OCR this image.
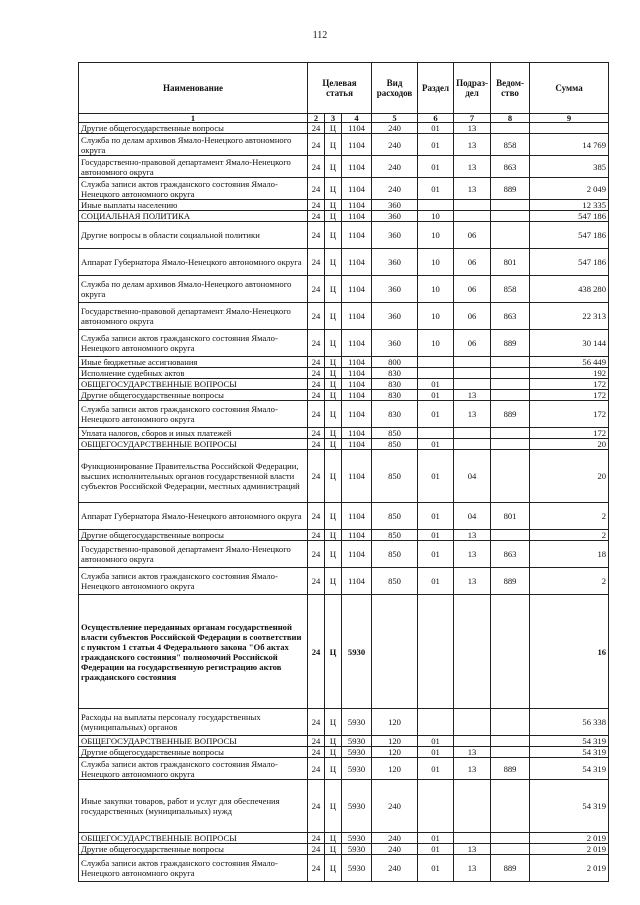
112
Наименование	Целевая статья			Вид расходов	Раздел	Подраз-дел	Ведом-ство	Сумма
1	2	3	4	5	6	7	8	9
Другие общегосударственные вопросы	24	Ц	1104	240	01	13		
Служба по делам архивов Ямало-Ненецкого автономного округа	24	Ц	1104	240	01	13	858	14 769
Государственно-правовой департамент Ямало-Ненецкого автономного округа	24	Ц	1104	240	01	13	863	385
Служба записи актов гражданского состояния Ямало-Ненецкого автономного округа	24	Ц	1104	240	01	13	889	2 049
Иные выплаты населению	24	Ц	1104	360				12 335
СОЦИАЛЬНАЯ ПОЛИТИКА	24	Ц	1104	360	10			547 186
Другие вопросы в области социальной политики	24	Ц	1104	360	10	06		547 186
Аппарат Губернатора Ямало-Ненецкого автономного округа	24	Ц	1104	360	10	06	801	547 186
Служба по делам архивов Ямало-Ненецкого автономного округа	24	Ц	1104	360	10	06	858	438 280
Государственно-правовой департамент Ямало-Ненецкого автономного округа	24	Ц	1104	360	10	06	863	22 313
Служба записи актов гражданского состояния Ямало-Ненецкого автономного округа	24	Ц	1104	360	10	06	889	30 144
Иные бюджетные ассигнования	24	Ц	1104	800				56 449
Исполнение судебных актов	24	Ц	1104	830				192
ОБЩЕГОСУДАРСТВЕННЫЕ ВОПРОСЫ	24	Ц	1104	830	01			172
Другие общегосударственные вопросы	24	Ц	1104	830	01	13		172
Служба записи актов гражданского состояния Ямало-Ненецкого автономного округа	24	Ц	1104	830	01	13	889	172
Уплата налогов, сборов и иных платежей	24	Ц	1104	850				172
ОБЩЕГОСУДАРСТВЕННЫЕ ВОПРОСЫ	24	Ц	1104	850	01			20
Функционирование Правительства Российской Федерации, высших исполнительных органов государственной власти субъектов Российской Федерации, местных администраций	24	Ц	1104	850	01	04		20
Аппарат Губернатора Ямало-Ненецкого автономного округа	24	Ц	1104	850	01	04	801	2
Другие общегосударственные вопросы	24	Ц	1104	850	01	13		2
Государственно-правовой департамент Ямало-Ненецкого автономного округа	24	Ц	1104	850	01	13	863	18
Служба записи актов гражданского состояния Ямало-Ненецкого автономного округа	24	Ц	1104	850	01	13	889	2
Осуществление переданных органам государственной власти субъектов Российской Федерации в соответствии с пунктом 1 статьи 4 Федерального закона "Об актах гражданского состояния" полномочий Российской Федерации на государственную регистрацию актов гражданского состояния	24	Ц	5930					16
Расходы на выплаты персоналу государственных (муниципальных) органов	24	Ц	5930	120				56 338
ОБЩЕГОСУДАРСТВЕННЫЕ ВОПРОСЫ	24	Ц	5930	120	01			54 319
Другие общегосударственные вопросы	24	Ц	5930	120	01	13		54 319
Служба записи актов гражданского состояния Ямало-Ненецкого автономного округа	24	Ц	5930	120	01	13	889	54 319
Иные закупки товаров, работ и услуг для обеспечения государственных (муниципальных) нужд	24	Ц	5930	240				54 319
ОБЩЕГОСУДАРСТВЕННЫЕ ВОПРОСЫ	24	Ц	5930	240	01			2 019
Другие общегосударственные вопросы	24	Ц	5930	240	01	13		2 019
Служба записи актов гражданского состояния Ямало-Ненецкого автономного округа	24	Ц	5930	240	01	13	889	2 019
